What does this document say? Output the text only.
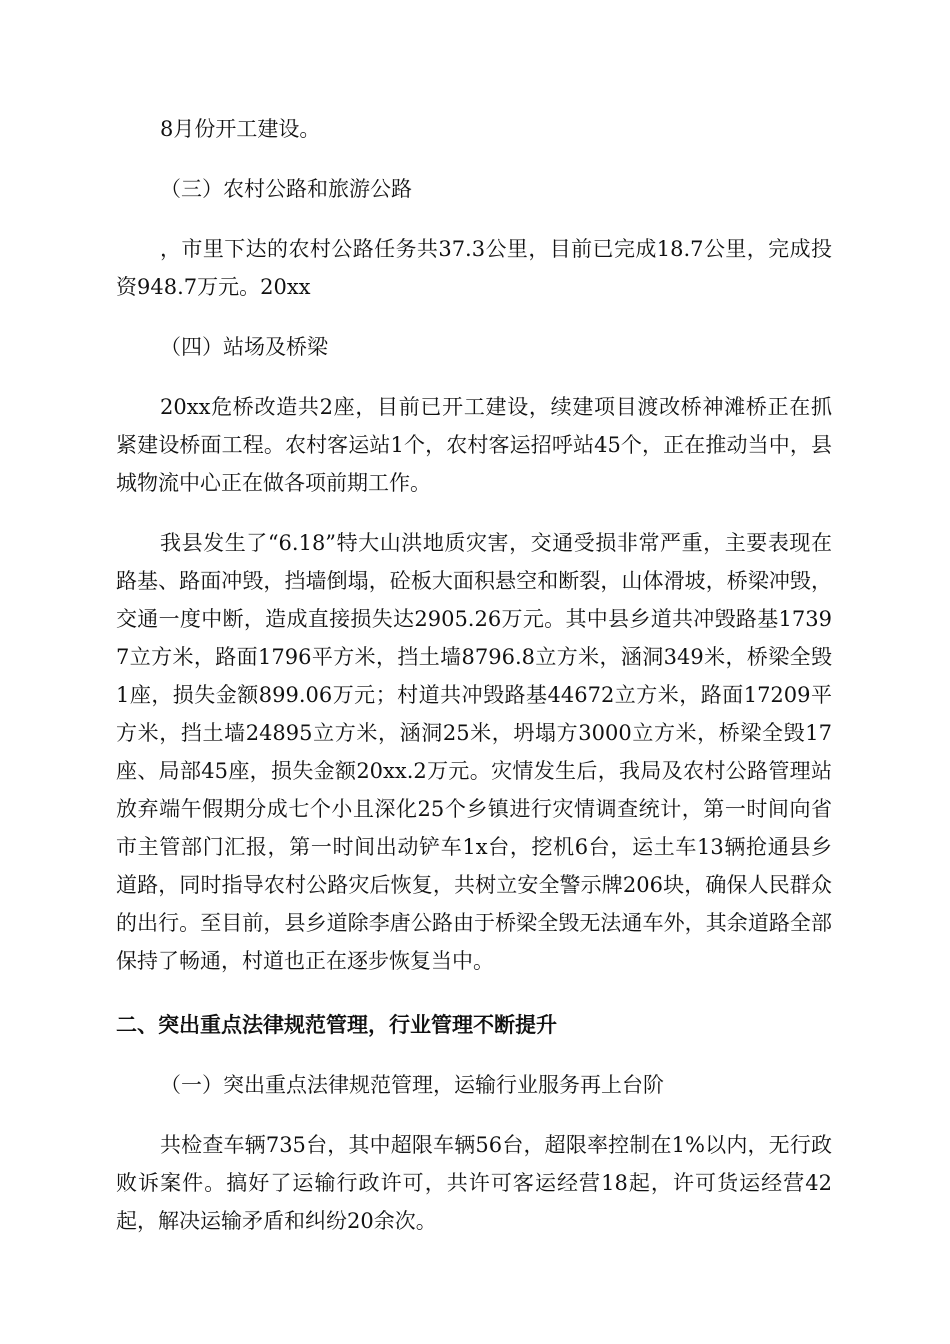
8月份开工建设。

（三）农村公路和旅游公路

，市里下达的农村公路任务共37.3公里，目前已完成18.7公里，完成投资948.7万元。20xx

（四）站场及桥梁

20xx危桥改造共2座，目前已开工建设，续建项目渡改桥神滩桥正在抓紧建设桥面工程。农村客运站1个，农村客运招呼站45个，正在推动当中，县城物流中心正在做各项前期工作。

我县发生了“6.18”特大山洪地质灾害，交通受损非常严重，主要表现在路基、路面冲毁，挡墙倒塌，砼板大面积悬空和断裂，山体滑坡，桥梁冲毁，交通一度中断，造成直接损失达2905.26万元。其中县乡道共冲毁路基17397立方米，路面1796平方米，挡土墙8796.8立方米，涵洞349米，桥梁全毁1座，损失金额899.06万元；村道共冲毁路基44672立方米，路面17209平方米，挡土墙24895立方米，涵洞25米，坍塌方3000立方米，桥梁全毁17座、局部45座，损失金额20xx.2万元。灾情发生后，我局及农村公路管理站放弃端午假期分成七个小且深化25个乡镇进行灾情调查统计，第一时间向省市主管部门汇报，第一时间出动铲车1x台，挖机6台，运土车13辆抢通县乡道路，同时指导农村公路灾后恢复，共树立安全警示牌206块，确保人民群众的出行。至目前，县乡道除李唐公路由于桥梁全毁无法通车外，其余道路全部保持了畅通，村道也正在逐步恢复当中。

二、突出重点法律规范管理，行业管理不断提升

（一）突出重点法律规范管理，运输行业服务再上台阶

共检查车辆735台，其中超限车辆56台，超限率控制在1%以内，无行政败诉案件。搞好了运输行政许可，共许可客运经营18起，许可货运经营42起，解决运输矛盾和纠纷20余次。
